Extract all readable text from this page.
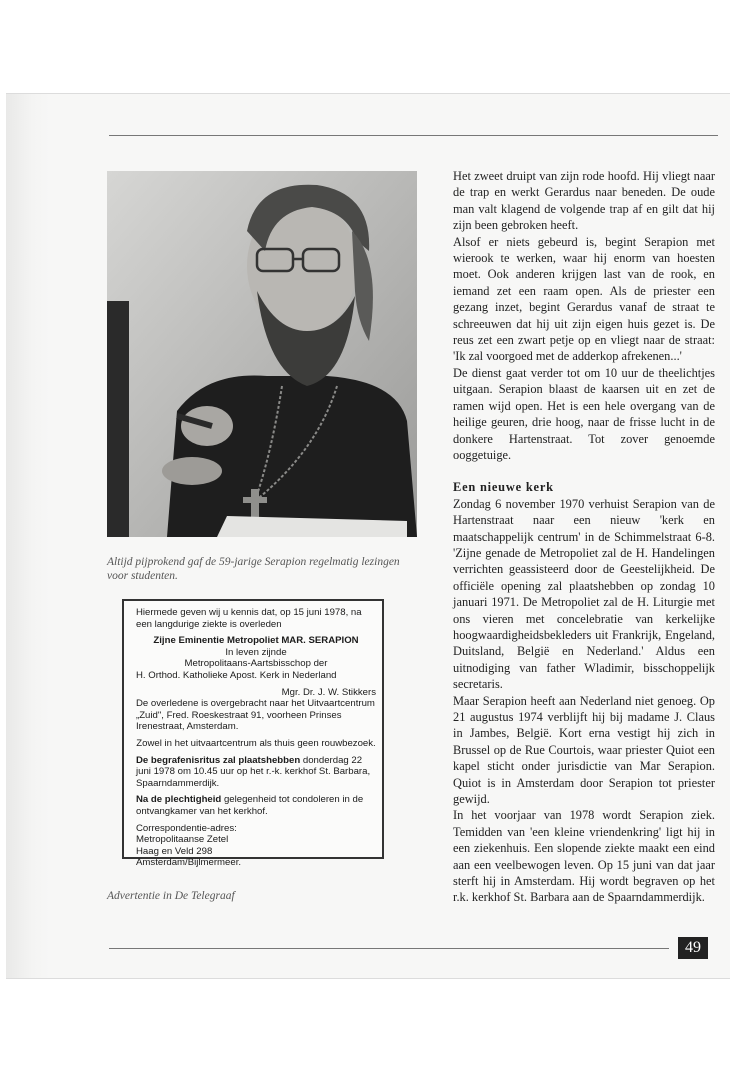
Altijd pijprokend gaf de 59-jarige Serapion regelmatig lezingen voor studenten.
Hiermede geven wij u kennis dat, op 15 juni 1978, na een langdurige ziekte is overleden
Zijne Eminentie Metropoliet MAR. SERAPION
In leven zijnde
Metropolitaans-Aartsbisschop der
H. Orthod. Katholieke Apost. Kerk in Nederland
Mgr. Dr. J. W. Stikkers
De overledene is overgebracht naar het Uitvaartcentrum „Zuid", Fred. Roeskestraat 91, voorheen Prinses Irenestraat, Amsterdam.
Zowel in het uitvaartcentrum als thuis geen rouwbezoek.
De begrafenisritus zal plaatshebben donderdag 22 juni 1978 om 10.45 uur op het r.-k. kerkhof St. Barbara, Spaarndammerdijk.
Na de plechtigheid gelegenheid tot condoleren in de ontvangkamer van het kerkhof.
Correspondentie-adres:
Metropolitaanse Zetel
Haag en Veld 298
Amsterdam/Bijlmermeer.
Advertentie in De Telegraaf

Het zweet druipt van zijn rode hoofd. Hij vliegt naar de trap en werkt Gerardus naar beneden. De oude man valt klagend de volgende trap af en gilt dat hij zijn been gebroken heeft.

Alsof er niets gebeurd is, begint Serapion met wierook te werken, waar hij enorm van hoesten moet. Ook anderen krijgen last van de rook, en iemand zet een raam open. Als de priester een gezang inzet, begint Gerardus vanaf de straat te schreeuwen dat hij uit zijn eigen huis gezet is. De reus zet een zwart petje op en vliegt naar de straat: 'Ik zal voorgoed met de adderkop afrekenen...'

De dienst gaat verder tot om 10 uur de theelichtjes uitgaan. Serapion blaast de kaarsen uit en zet de ramen wijd open. Het is een hele overgang van de heilige geuren, drie hoog, naar de frisse lucht in de donkere Hartenstraat. Tot zover genoemde ooggetuige.

Een nieuwe kerk

Zondag 6 november 1970 verhuist Serapion van de Hartenstraat naar een nieuw 'kerk en maatschappelijk centrum' in de Schimmelstraat 6-8. 'Zijne genade de Metropoliet zal de H. Handelingen verrichten geassisteerd door de Geestelijkheid. De officiële opening zal plaatshebben op zondag 10 januari 1971. De Metropoliet zal de H. Liturgie met ons vieren met concelebratie van kerkelijke hoogwaardigheidsbekleders uit Frankrijk, Engeland, Duitsland, België en Nederland.' Aldus een uitnodiging van father Wladimir, bisschoppelijk secretaris.

Maar Serapion heeft aan Nederland niet genoeg. Op 21 augustus 1974 verblijft hij bij madame J. Claus in Jambes, België. Kort erna vestigt hij zich in Brussel op de Rue Courtois, waar priester Quiot een kapel sticht onder jurisdictie van Mar Serapion. Quiot is in Amsterdam door Serapion tot priester gewijd.

In het voorjaar van 1978 wordt Serapion ziek. Temidden van 'een kleine vriendenkring' ligt hij in een ziekenhuis. Een slopende ziekte maakt een eind aan een veelbewogen leven. Op 15 juni van dat jaar sterft hij in Amsterdam. Hij wordt begraven op het r.k. kerkhof St. Barbara aan de Spaarndammerdijk.

49
